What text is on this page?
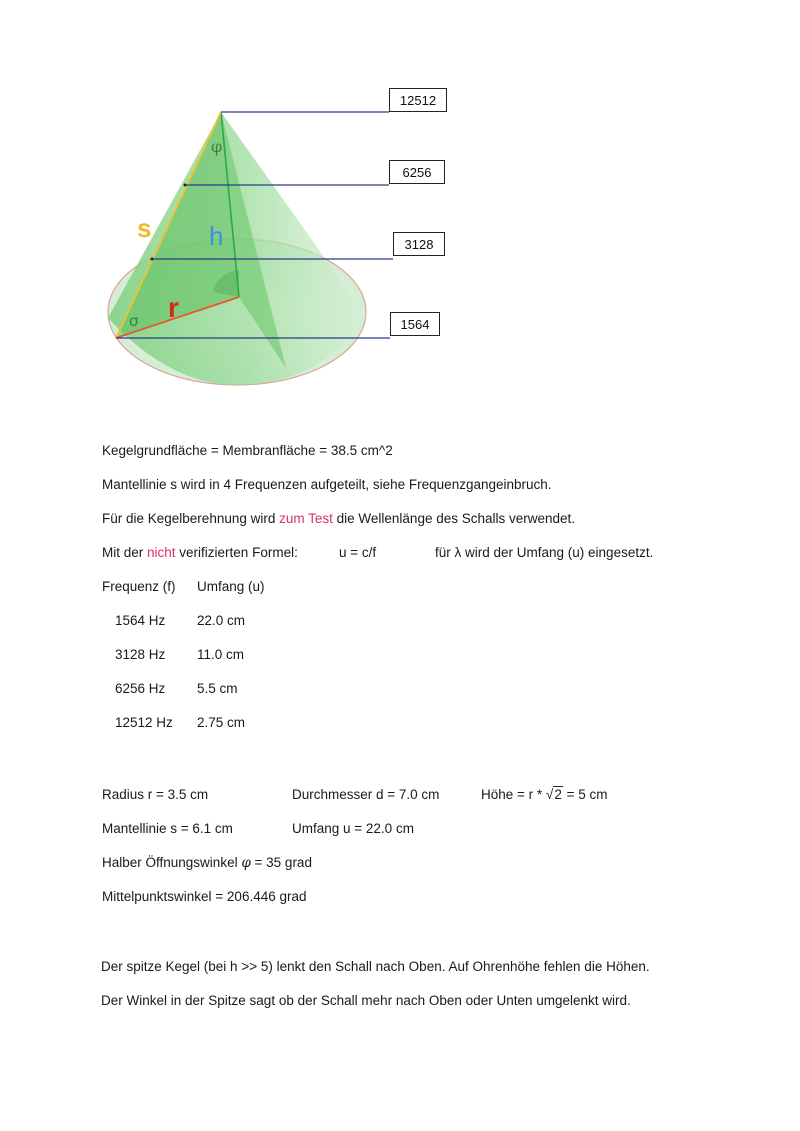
φ
s h
r
σ
12512
6256
3128
1564
Kegelgrundfläche = Membranfläche = 38.5 cm^2
Mantellinie s wird in 4 Frequenzen aufgeteilt, siehe Frequenzgangeinbruch.
Für die Kegelberehnung wird zum Test die Wellenlänge des Schalls verwendet.
Mit der nicht verifizierten Formel:	u = c/f	für λ wird der Umfang (u) eingesetzt.
Frequenz (f) Umfang (u)
1564 Hz 22.0 cm
3128 Hz 11.0 cm
6256 Hz 5.5 cm
12512 Hz 2.75 cm
Radius r = 3.5 cm	Durchmesser d = 7.0 cm	Höhe = r * √2 = 5 cm
Mantellinie s = 6.1 cm	Umfang u = 22.0 cm
Halber Öffnungswinkel φ = 35 grad
Mittelpunktswinkel = 206.446 grad
Der spitze Kegel (bei h >> 5) lenkt den Schall nach Oben. Auf Ohrenhöhe fehlen die Höhen.
Der Winkel in der Spitze sagt ob der Schall mehr nach Oben oder Unten umgelenkt wird.
